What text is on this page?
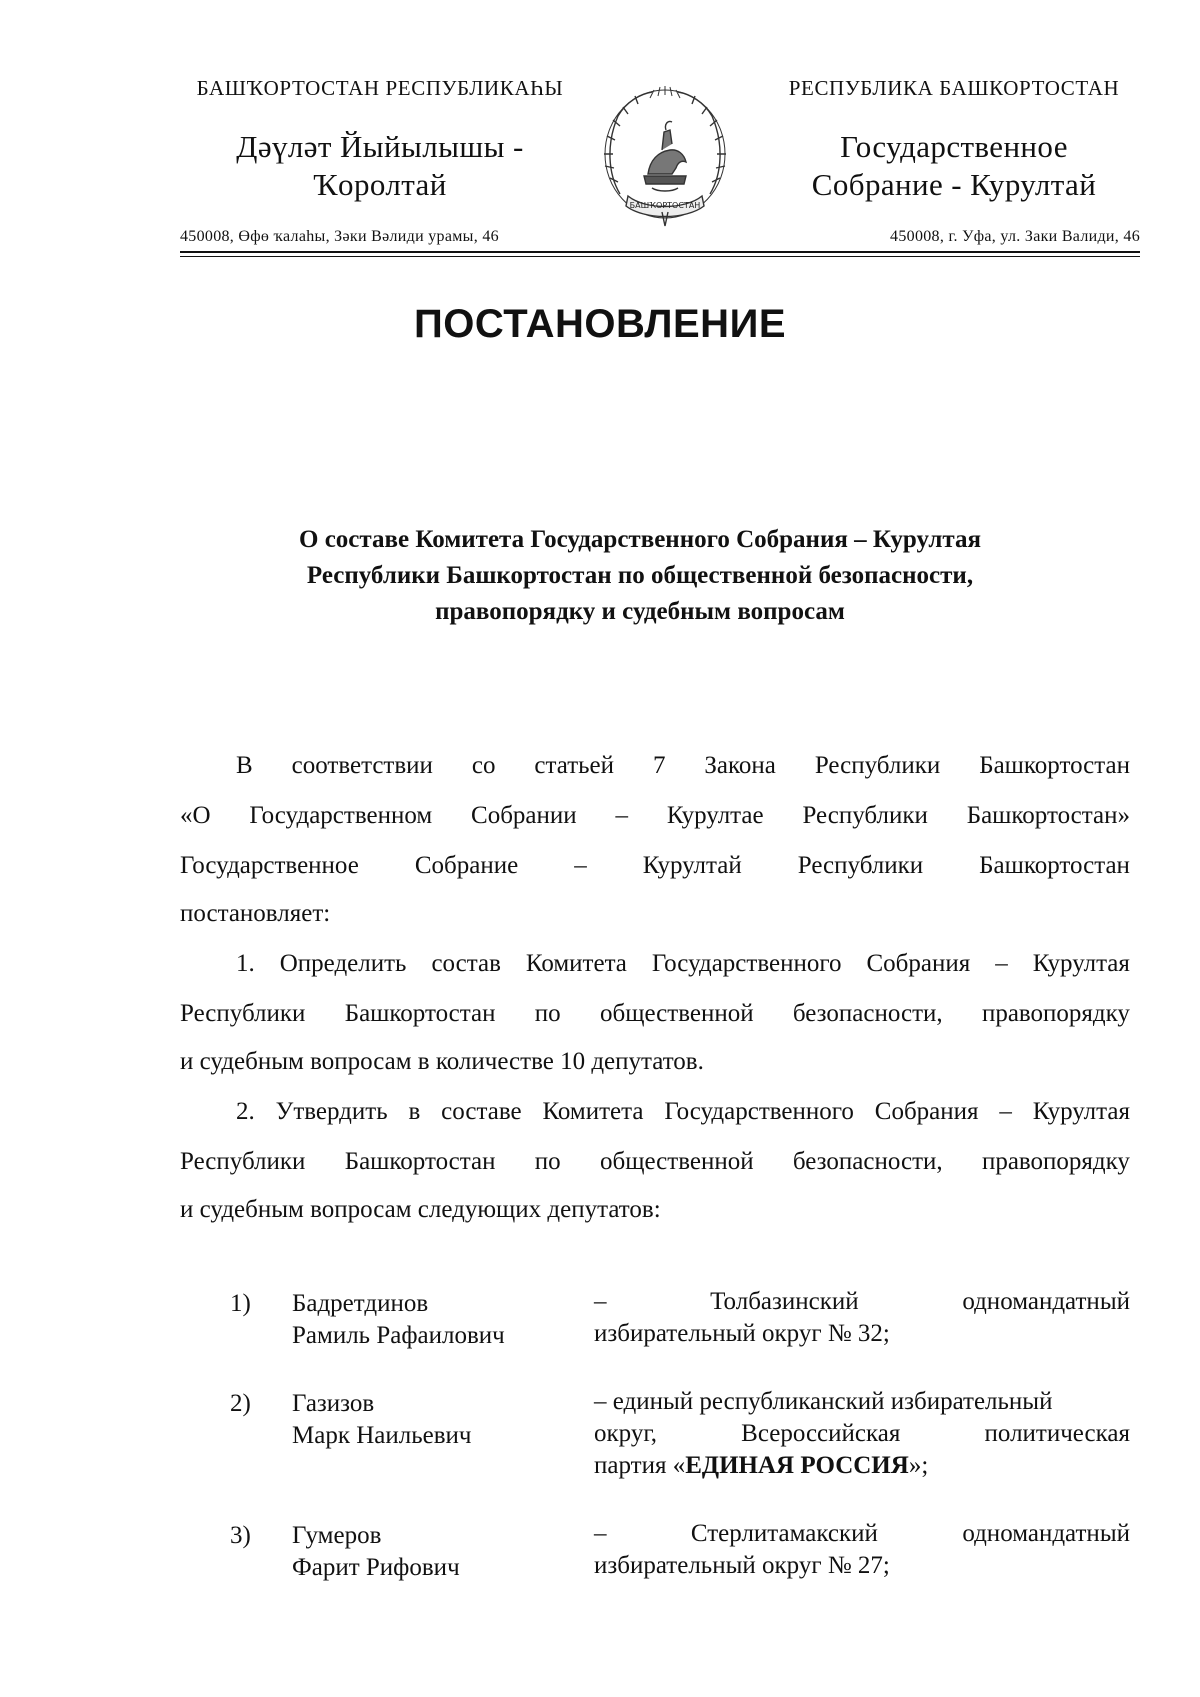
БАШҠОРТОСТАН РЕСПУБЛИКАҺЫ
Дәүләт Йыйылышы -
Ҡоролтай
450008, Өфө ҡалаһы, Зәки Вәлиди урамы, 46
РЕСПУБЛИКА БАШКОРТОСТАН
Государственное
Собрание - Курултай
450008, г. Уфа, ул. Заки Валиди, 46
БАШҠОРТОСТАН
ПОСТАНОВЛЕНИЕ
О составе Комитета Государственного Собрания – Курултая
Республики Башкортостан по общественной безопасности,
правопорядку и судебным вопросам
В соответствии со статьей 7 Закона Республики Башкортостан
«О Государственном Собрании – Курултае Республики Башкортостан»
Государственное Собрание – Курултай Республики Башкортостан
постановляет:
1. Определить состав Комитета Государственного Собрания – Курултая
Республики Башкортостан по общественной безопасности, правопорядку
и судебным вопросам в количестве 10 депутатов.
2. Утвердить в составе Комитета Государственного Собрания – Курултая
Республики Башкортостан по общественной безопасности, правопорядку
и судебным вопросам следующих депутатов:
1) Бадретдинов
Рамиль Рафаилович
–	Толбазинский	одномандатный
избирательный округ № 32;
2) Газизов
Марк Наильевич
– единый республиканский избирательный
округ,	Всероссийская	политическая
партия « ЕДИНАЯ РОССИЯ »;
3) Гумеров
Фарит Рифович
–	Стерлитамакский	одномандатный
избирательный округ № 27;
